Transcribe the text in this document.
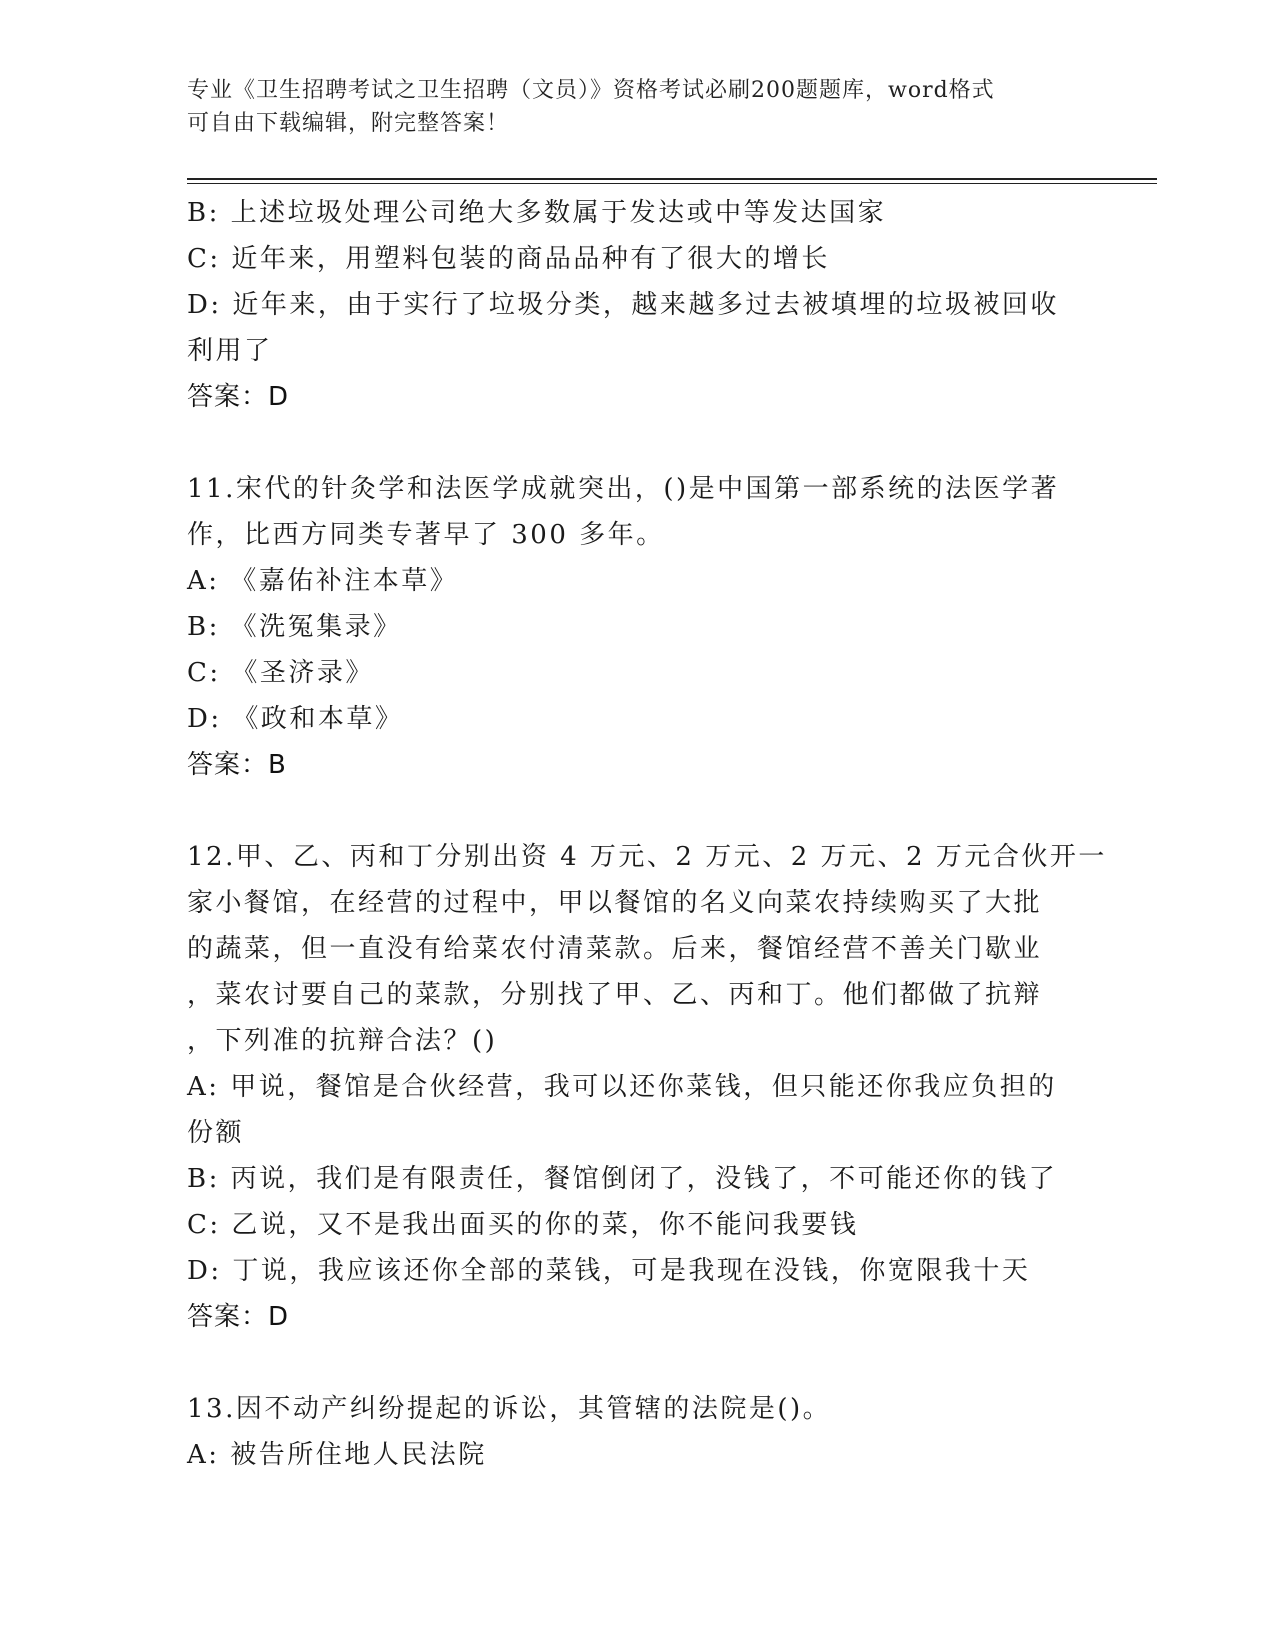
专业《卫生招聘考试之卫生招聘（文员）》资格考试必刷200题题库，word格式
可自由下载编辑，附完整答案！
B: 上述垃圾处理公司绝大多数属于发达或中等发达国家
C: 近年来，用塑料包装的商品品种有了很大的增长
D: 近年来，由于实行了垃圾分类，越来越多过去被填埋的垃圾被回收
利用了
答案：D
11.宋代的针灸学和法医学成就突出，()是中国第一部系统的法医学著
作，比西方同类专著早了 300 多年。
A: 《嘉佑补注本草》
B: 《洗冤集录》
C: 《圣济录》
D: 《政和本草》
答案：B
12.甲、乙、丙和丁分别出资 4 万元、2 万元、2 万元、2 万元合伙开一
家小餐馆，在经营的过程中，甲以餐馆的名义向菜农持续购买了大批
的蔬菜，但一直没有给菜农付清菜款。后来，餐馆经营不善关门歇业
，菜农讨要自己的菜款，分别找了甲、乙、丙和丁。他们都做了抗辩
，下列准的抗辩合法？()
A: 甲说，餐馆是合伙经营，我可以还你菜钱，但只能还你我应负担的
份额
B: 丙说，我们是有限责任，餐馆倒闭了，没钱了，不可能还你的钱了
C: 乙说，又不是我出面买的你的菜，你不能问我要钱
D: 丁说，我应该还你全部的菜钱，可是我现在没钱，你宽限我十天
答案：D
13.因不动产纠纷提起的诉讼，其管辖的法院是()。
A: 被告所住地人民法院
